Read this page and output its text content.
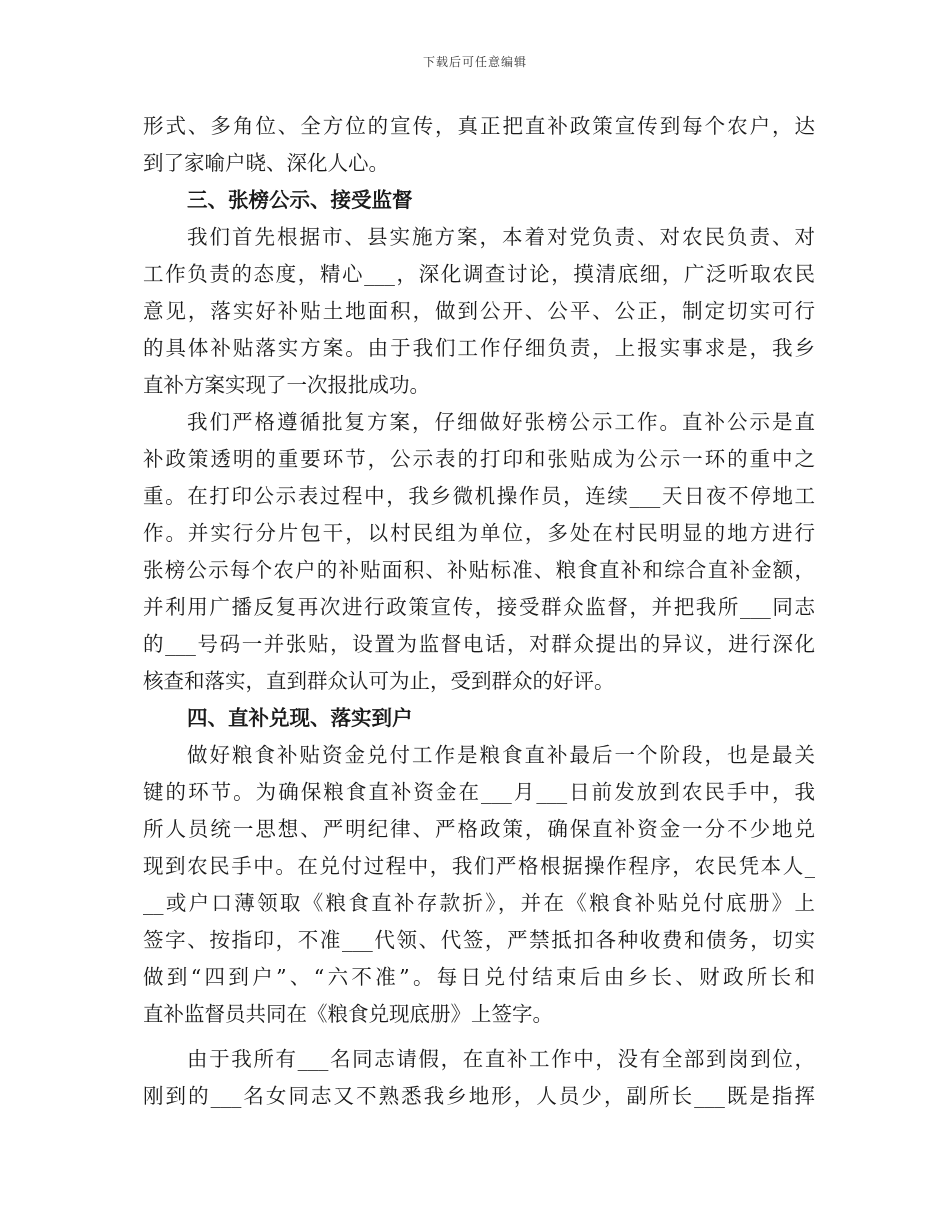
下载后可任意编辑
形式、多角位、全方位的宣传，真正把直补政策宣传到每个农户，达
到了家喻户晓、深化人心。
三、张榜公示、接受监督
我们首先根据市、县实施方案，本着对党负责、对农民负责、对
工作负责的态度，精心___，深化调查讨论，摸清底细，广泛听取农民
意见，落实好补贴土地面积，做到公开、公平、公正，制定切实可行
的具体补贴落实方案。由于我们工作仔细负责，上报实事求是，我乡
直补方案实现了一次报批成功。
我们严格遵循批复方案，仔细做好张榜公示工作。直补公示是直
补政策透明的重要环节，公示表的打印和张贴成为公示一环的重中之
重。在打印公示表过程中，我乡微机操作员，连续___天日夜不停地工
作。并实行分片包干，以村民组为单位，多处在村民明显的地方进行
张榜公示每个农户的补贴面积、补贴标准、粮食直补和综合直补金额，
并利用广播反复再次进行政策宣传，接受群众监督，并把我所___同志
的___号码一并张贴，设置为监督电话，对群众提出的异议，进行深化
核查和落实，直到群众认可为止，受到群众的好评。
四、直补兑现、落实到户
做好粮食补贴资金兑付工作是粮食直补最后一个阶段，也是最关
键的环节。为确保粮食直补资金在___月___日前发放到农民手中，我
所人员统一思想、严明纪律、严格政策，确保直补资金一分不少地兑
现到农民手中。在兑付过程中，我们严格根据操作程序，农民凭本人_
__或户口薄领取《粮食直补存款折》，并在《粮食补贴兑付底册》上
签字、按指印，不准___代领、代签，严禁抵扣各种收费和债务，切实
做到“四到户”、“六不准”。每日兑付结束后由乡长、财政所长和
直补监督员共同在《粮食兑现底册》上签字。
由于我所有___名同志请假，在直补工作中，没有全部到岗到位，
刚到的___名女同志又不熟悉我乡地形，人员少，副所长___既是指挥
